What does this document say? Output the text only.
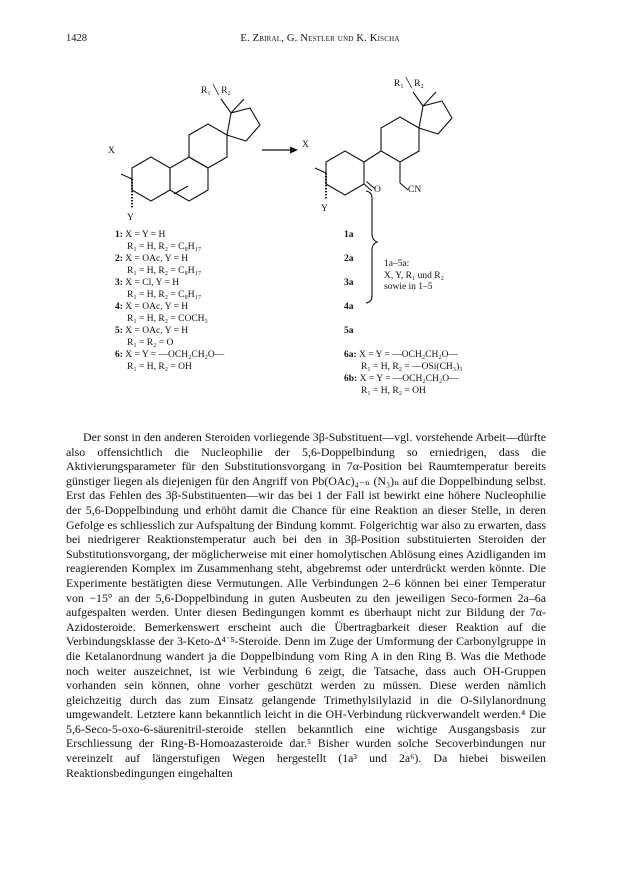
1428	E. Zbiral, G. Nestler und K. Kischa
R₁ ╲ R₂
X
Y
R₁ ╲ R₂
X
Y
O	CN
1: X = Y = H
R₁ = H, R₂ = C₈H₁₇
2: X = OAc, Y = H
R₁ = H, R₂ = C₈H₁₇
3: X = Cl, Y = H
R₁ = H, R₂ = C₈H₁₇
4: X = OAc, Y = H
R₁ = H, R₂ = COCH₃
5: X = OAc, Y = H
R₁ = R₂ = O
6: X = Y = —OCH₂CH₂O—
R₁ = H, R₂ = OH
1a
2a
3a
4a
5a
1a–5a:
X, Y, R₁ und R₂
sowie in 1–5
6a: X = Y = —OCH₂CH₂O—
R₁ = H, R₂ = —OSi(CH₃)₃
6b: X = Y = —OCH₂CH₂O—
R₁ = H, R₂ = OH

Der sonst in den anderen Steroiden vorliegende 3β-Substituent—vgl. vorstehende Arbeit—dürfte also offensichtlich die Nucleophilie der 5,6-Doppelbindung so erniedrigen, dass die Aktivierungsparameter für den Substitutionsvorgang in 7α-Position bei Raumtemperatur bereits günstiger liegen als diejenigen für den Angriff von Pb(OAc)₄₋ₙ (N₃)ₙ auf die Doppelbindung selbst. Erst das Fehlen des 3β-Substituenten—wir das bei 1 der Fall ist bewirkt eine höhere Nucleophilie der 5,6-Doppelbindung und erhöht damit die Chance für eine Reaktion an dieser Stelle, in deren Gefolge es schliesslich zur Aufspaltung der Bindung kommt. Folgerichtig war also zu erwarten, dass bei niedrigerer Reaktionstemperatur auch bei den in 3β-Position substituierten Steroiden der Substitutionsvorgang, der möglicherweise mit einer homolytischen Ablösung eines Azidliganden im reagierenden Komplex im Zusammenhang steht, abgebremst oder unterdrückt werden könnte. Die Experimente bestätigten diese Vermutungen. Alle Verbindungen 2–6 können bei einer Temperatur von −15° an der 5,6-Doppelbindung in guten Ausbeuten zu den jeweiligen Seco-formen 2a–6a aufgespalten werden. Unter diesen Bedingungen kommt es überhaupt nicht zur Bildung der 7α-Azidosteroide. Bemerkenswert erscheint auch die Übertragbarkeit dieser Reaktion auf die Verbindungsklasse der 3-Keto-Δ⁴˙⁵-Steroide. Denn im Zuge der Umformung der Carbonylgruppe in die Ketalanordnung wandert ja die Doppelbindung vom Ring A in den Ring B. Was die Methode noch weiter auszeichnet, ist wie Verbindung 6 zeigt, die Tatsache, dass auch OH-Gruppen vorhanden sein können, ohne vorher geschützt werden zu müssen. Diese werden nämlich gleichzeitig durch das zum Einsatz gelangende Trimethylsilylazid in die O-Silylanordnung umgewandelt. Letztere kann bekanntlich leicht in die OH-Verbindung rückverwandelt werden.⁴ Die 5,6-Seco-5-oxo-6-säurenitril-steroide stellen bekanntlich eine wichtige Ausgangsbasis zur Erschliessung der Ring-B-Homoazasteroide dar.⁵ Bisher wurden solche Secoverbindungen nur vereinzelt auf längerstufigen Wegen hergestellt (1a³ und 2a⁶). Da hiebei bisweilen Reaktionsbedingungen eingehalten
